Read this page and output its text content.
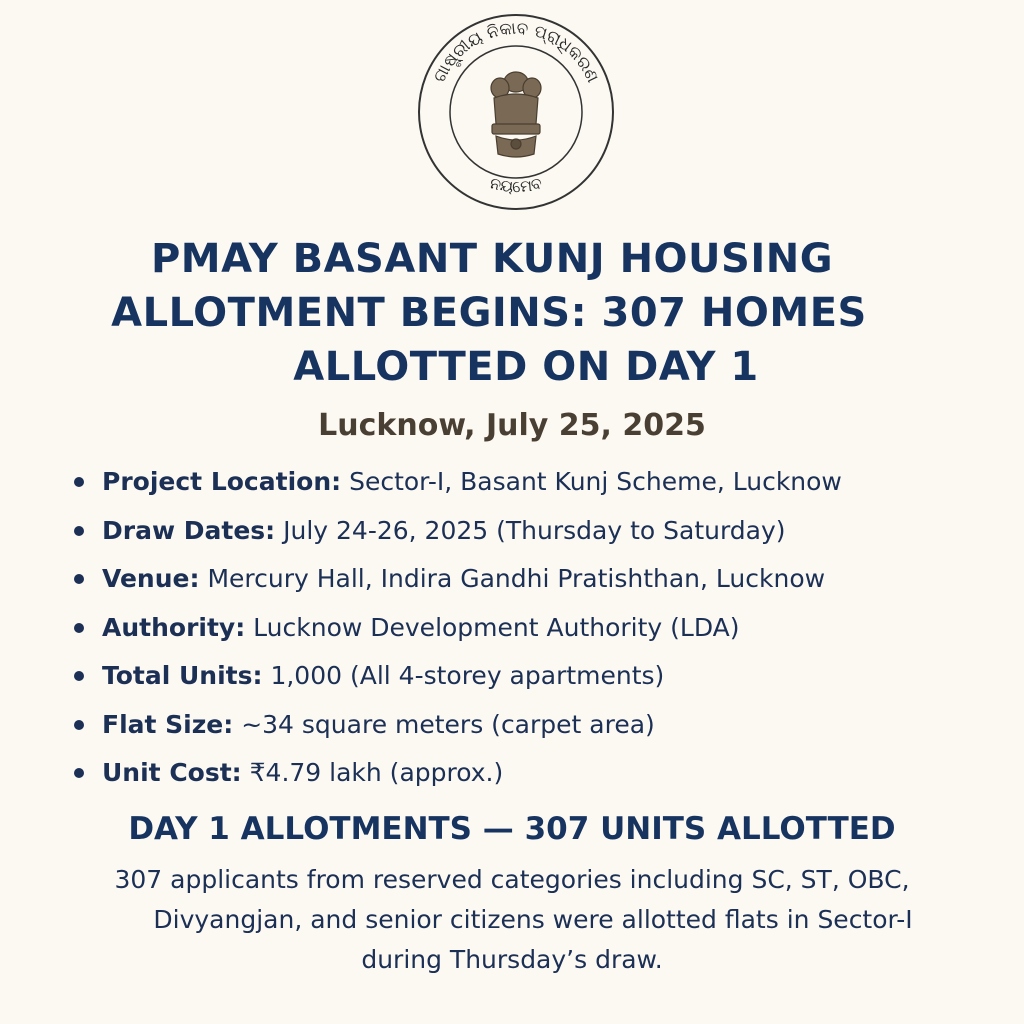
ଗାଷ୍ଟ୍ରୀୟ ନିକାବ ପ୍ରାଧିକରଣ
ନୟମେବ
PMAY BASANT KUNJ HOUSING
ALLOTMENT BEGINS: 307 HOMES
ALLOTTED ON DAY 1
Lucknow, July 25, 2025
Project Location: Sector-I, Basant Kunj Scheme, Lucknow
Draw Dates: July 24-26, 2025 (Thursday to Saturday)
Venue: Mercury Hall, Indira Gandhi Pratishthan, Lucknow
Authority: Lucknow Development Authority (LDA)
Total Units: 1,000 (All 4-storey apartments)
Flat Size: ~34 square meters (carpet area)
Unit Cost: ₹4.79 lakh (approx.)
DAY 1 ALLOTMENTS — 307 UNITS ALLOTTED
307 applicants from reserved categories including SC, ST, OBC,
Divyangjan, and senior citizens were allotted flats in Sector-I
during Thursday’s draw.
